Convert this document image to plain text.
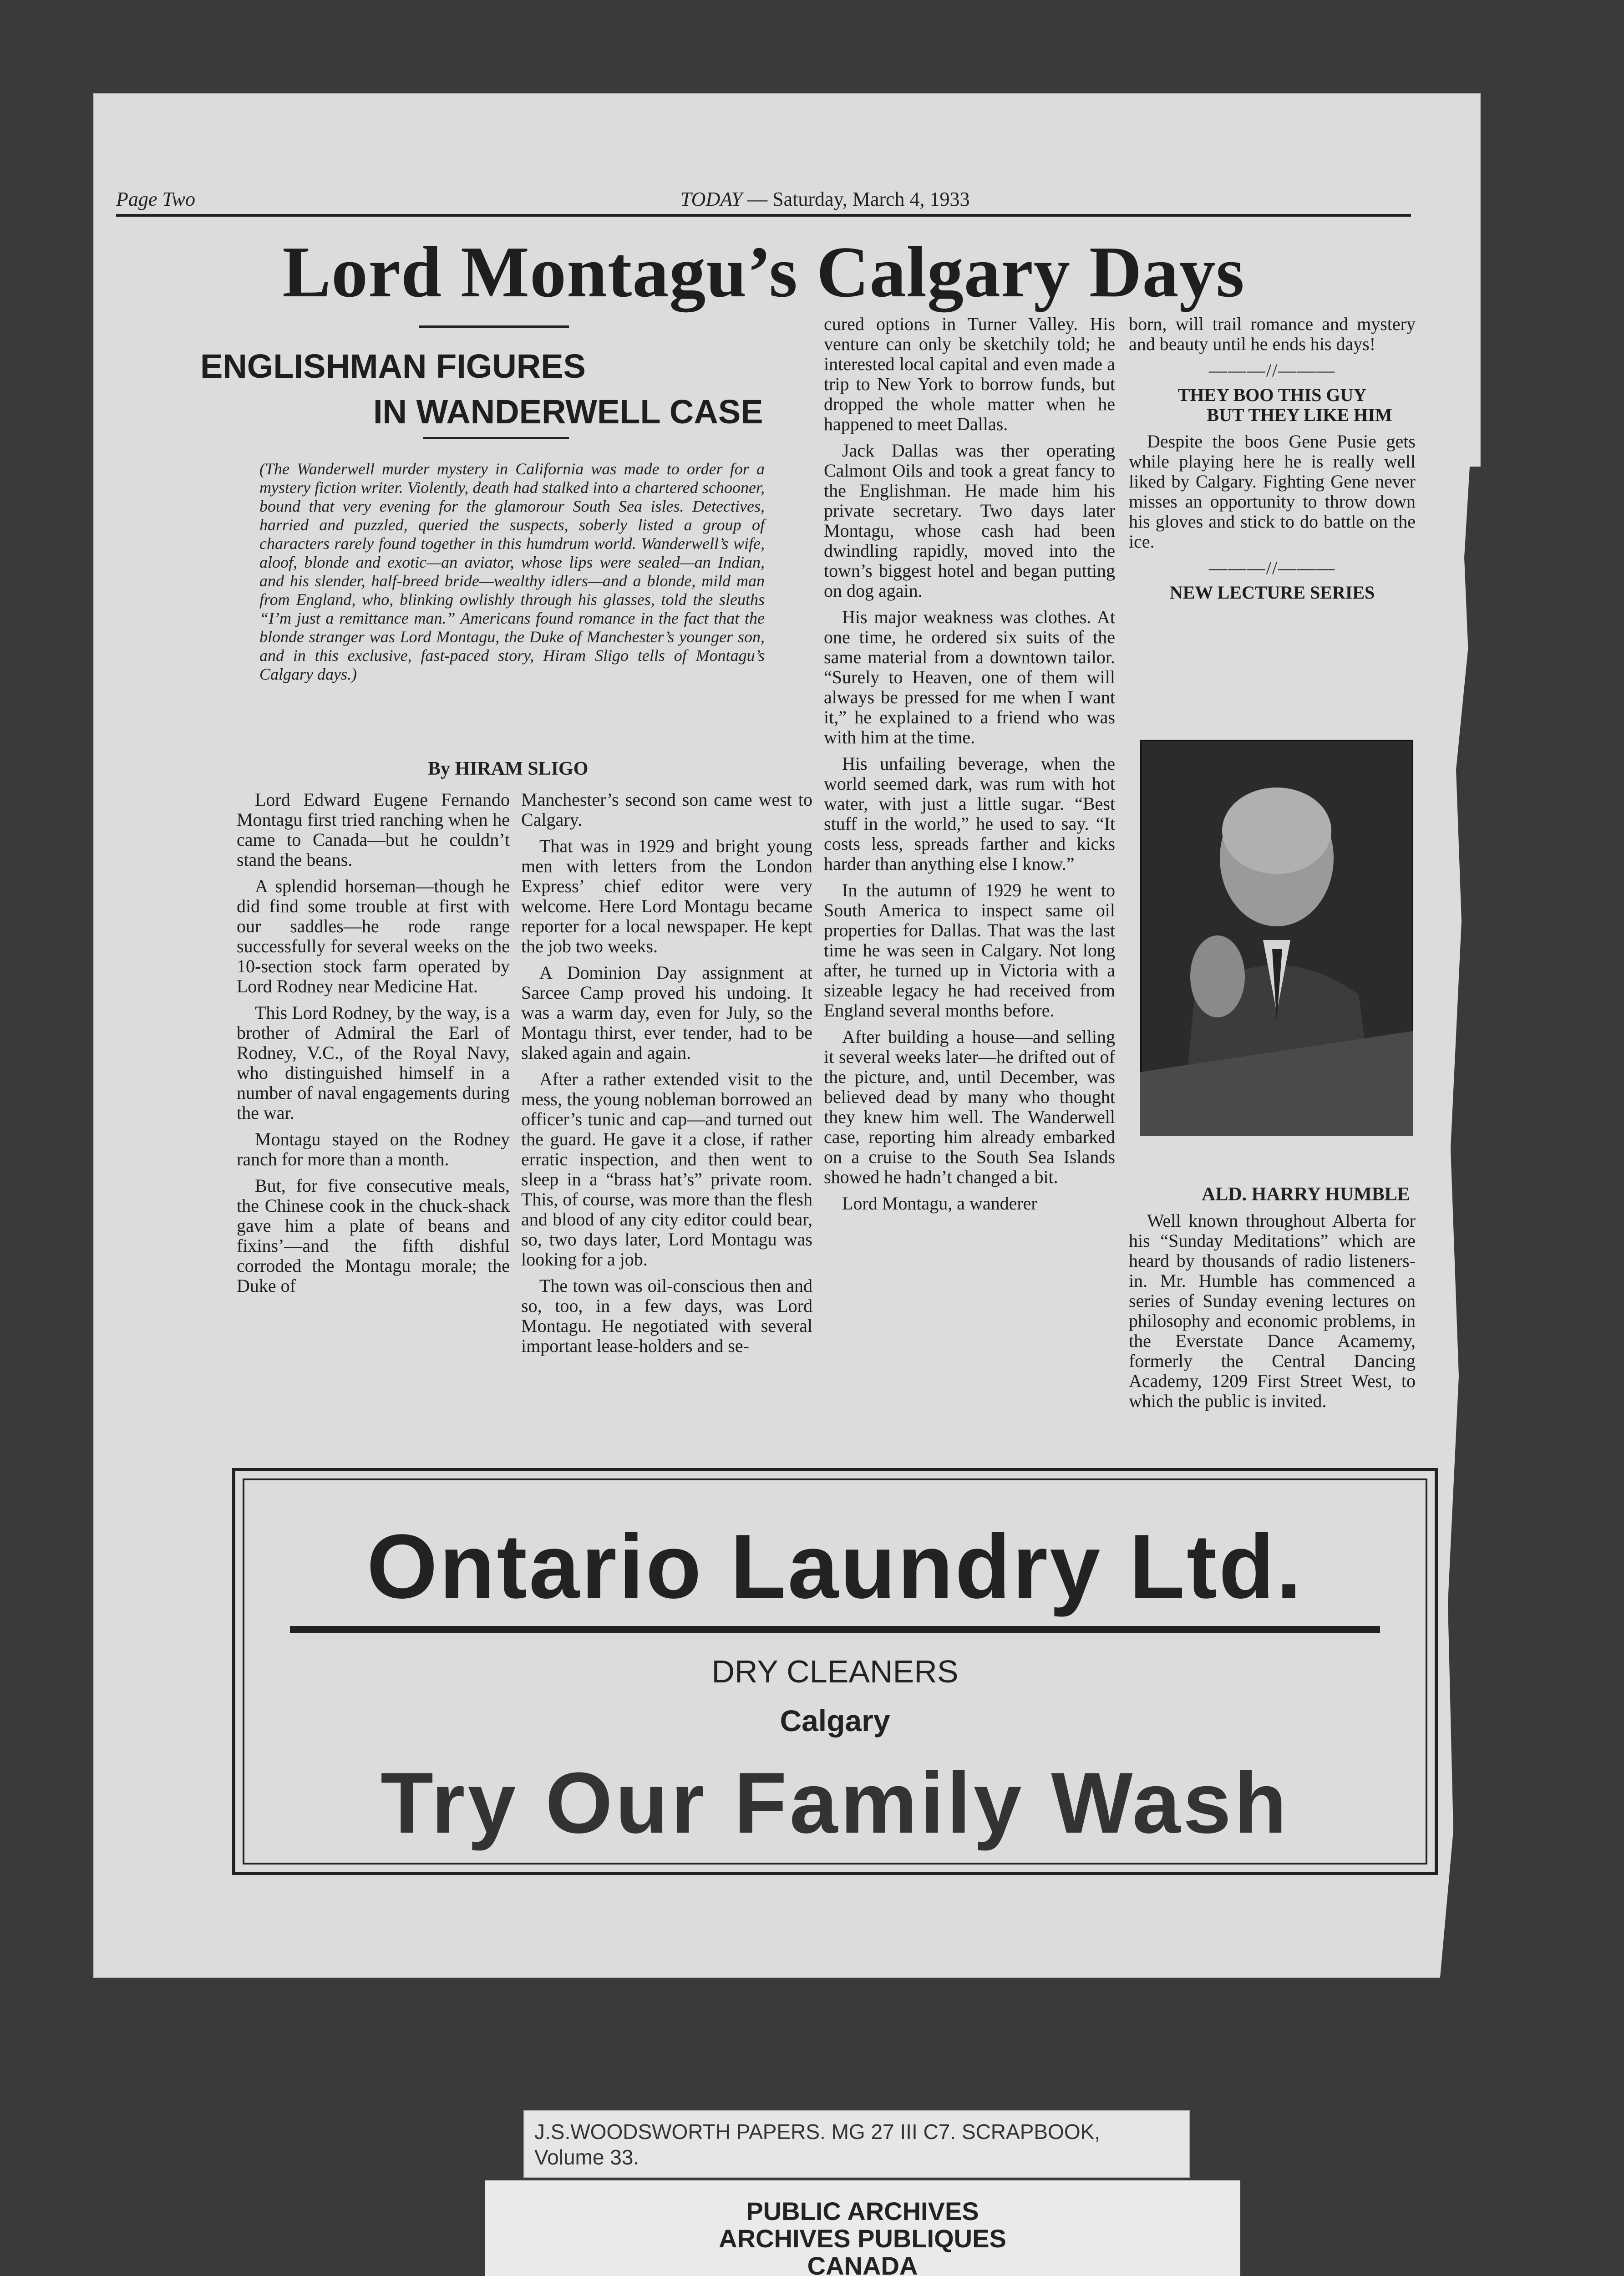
Page Two	TODAY — Saturday, March 4, 1933
Lord Montagu’s Calgary Days
ENGLISHMAN FIGURES
IN WANDERWELL CASE
(The Wanderwell murder mystery in California was made to order for a mystery fiction writer. Violently, death had stalked into a chartered schooner, bound that very evening for the glamorour South Sea isles. Detectives, harried and puzzled, queried the suspects, soberly listed a group of characters rarely found together in this humdrum world. Wanderwell’s wife, aloof, blonde and exotic—an aviator, whose lips were sealed—an Indian, and his slender, half-breed bride—wealthy idlers—and a blonde, mild man from England, who, blinking owlishly through his glasses, told the sleuths “I’m just a remittance man.” Americans found romance in the fact that the blonde stranger was Lord Montagu, the Duke of Manchester’s younger son, and in this exclusive, fast-paced story, Hiram Sligo tells of Montagu’s Calgary days.)
By HIRAM SLIGO

Lord Edward Eugene Fernando Montagu first tried ranching when he came to Canada—but he couldn’t stand the beans.

A splendid horseman—though he did find some trouble at first with our saddles—he rode range successfully for several weeks on the 10-section stock farm operated by Lord Rodney near Medicine Hat.

This Lord Rodney, by the way, is a brother of Admiral the Earl of Rodney, V.C., of the Royal Navy, who distinguished himself in a number of naval engagements during the war.

Montagu stayed on the Rodney ranch for more than a month.

But, for five consecutive meals, the Chinese cook in the chuck-shack gave him a plate of beans and fixins’—and the fifth dishful corroded the Montagu morale; the Duke of

Manchester’s second son came west to Calgary.

That was in 1929 and bright young men with letters from the London Express’ chief editor were very welcome. Here Lord Montagu became reporter for a local newspaper. He kept the job two weeks.

A Dominion Day assignment at Sarcee Camp proved his undoing. It was a warm day, even for July, so the Montagu thirst, ever tender, had to be slaked again and again.

After a rather extended visit to the mess, the young nobleman borrowed an officer’s tunic and cap—and turned out the guard. He gave it a close, if rather erratic inspection, and then went to sleep in a “brass hat’s” private room. This, of course, was more than the flesh and blood of any city editor could bear, so, two days later, Lord Montagu was looking for a job.

The town was oil-conscious then and so, too, in a few days, was Lord Montagu. He negotiated with several important lease-holders and se-

cured options in Turner Valley. His venture can only be sketchily told; he interested local capital and even made a trip to New York to borrow funds, but dropped the whole matter when he happened to meet Dallas.

Jack Dallas was ther operating Calmont Oils and took a great fancy to the Englishman. He made him his private secretary. Two days later Montagu, whose cash had been dwindling rapidly, moved into the town’s biggest hotel and began putting on dog again.

His major weakness was clothes. At one time, he ordered six suits of the same material from a downtown tailor. “Surely to Heaven, one of them will always be pressed for me when I want it,” he explained to a friend who was with him at the time.

His unfailing beverage, when the world seemed dark, was rum with hot water, with just a little sugar. “Best stuff in the world,” he used to say. “It costs less, spreads farther and kicks harder than anything else I know.”

In the autumn of 1929 he went to South America to inspect same oil properties for Dallas. That was the last time he was seen in Calgary. Not long after, he turned up in Victoria with a sizeable legacy he had received from England several months before.

After building a house—and selling it several weeks later—he drifted out of the picture, and, until December, was believed dead by many who thought they knew him well. The Wanderwell case, reporting him already embarked on a cruise to the South Sea Islands showed he hadn’t changed a bit.

Lord Montagu, a wanderer

born, will trail romance and mystery and beauty until he ends his days!

———//———
THEY BOO THIS GUY
BUT THEY LIKE HIM

Despite the boos Gene Pusie gets while playing here he is really well liked by Calgary. Fighting Gene never misses an opportunity to throw down his gloves and stick to do battle on the ice.

———//———
NEW LECTURE SERIES
ALD. HARRY HUMBLE

Well known throughout Alberta for his “Sunday Meditations” which are heard by thousands of radio listeners-in. Mr. Humble has commenced a series of Sunday evening lectures on philosophy and economic problems, in the Everstate Dance Acamemy, formerly the Central Dancing Academy, 1209 First Street West, to which the public is invited.

Ontario Laundry Ltd.
DRY CLEANERS
Calgary
Try Our Family Wash
J.S.WOODSWORTH PAPERS. MG 27 III C7. SCRAPBOOK,
Volume 33.
PUBLIC ARCHIVES
ARCHIVES PUBLIQUES
CANADA
